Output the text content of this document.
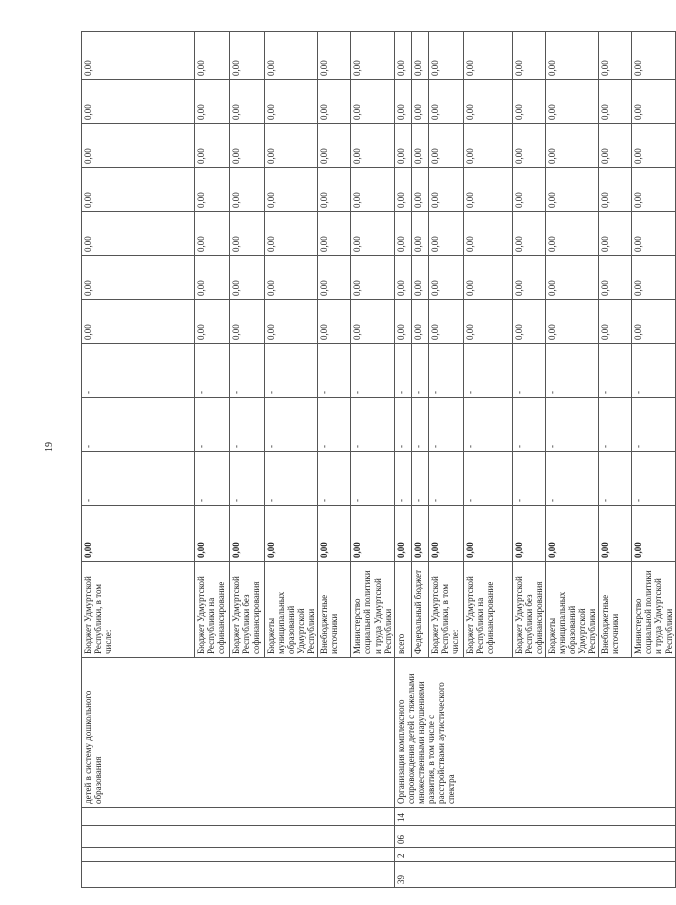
19
				детей в систему дошкольного образования	Бюджет Удмуртской Республики, в том числе:	0,00	-	-	-	0,00	0,00	0,00	0,00	0,00	0,00	0,00
					Бюджет Удмуртской Республики на софинансирование	0,00	-	-	-	0,00	0,00	0,00	0,00	0,00	0,00	0,00
					Бюджет Удмуртской Республики без софинансирования	0,00	-	-	-	0,00	0,00	0,00	0,00	0,00	0,00	0,00
					Бюджеты муниципальных образований Удмуртской Республики	0,00	-	-	-	0,00	0,00	0,00	0,00	0,00	0,00	0,00
					Внебюджетные источники	0,00	-	-	-	0,00	0,00	0,00	0,00	0,00	0,00	0,00
					Министерство социальной политики и труда Удмуртской Республики	0,00	-	-	-	0,00	0,00	0,00	0,00	0,00	0,00	0,00
39	2	06	14	Организация комплексного сопровождения детей с тяжелыми множественными нарушениями развития, в том числе с расстройствами аутистического спектра	всего	0,00	-	-	-	0,00	0,00	0,00	0,00	0,00	0,00	0,00
					Федеральный бюджет	0,00	-	-	-	0,00	0,00	0,00	0,00	0,00	0,00	0,00
					Бюджет Удмуртской Республики, в том числе:	0,00	-	-	-	0,00	0,00	0,00	0,00	0,00	0,00	0,00
					Бюджет Удмуртской Республики на софинансирование	0,00	-	-	-	0,00	0,00	0,00	0,00	0,00	0,00	0,00
					Бюджет Удмуртской Республики без софинансирования	0,00	-	-	-	0,00	0,00	0,00	0,00	0,00	0,00	0,00
					Бюджеты муниципальных образований Удмуртской Республики	0,00	-	-	-	0,00	0,00	0,00	0,00	0,00	0,00	0,00
					Внебюджетные источники	0,00	-	-	-	0,00	0,00	0,00	0,00	0,00	0,00	0,00
					Министерство социальной политики и труда Удмуртской Республики	0,00	-	-	-	0,00	0,00	0,00	0,00	0,00	0,00	0,00
